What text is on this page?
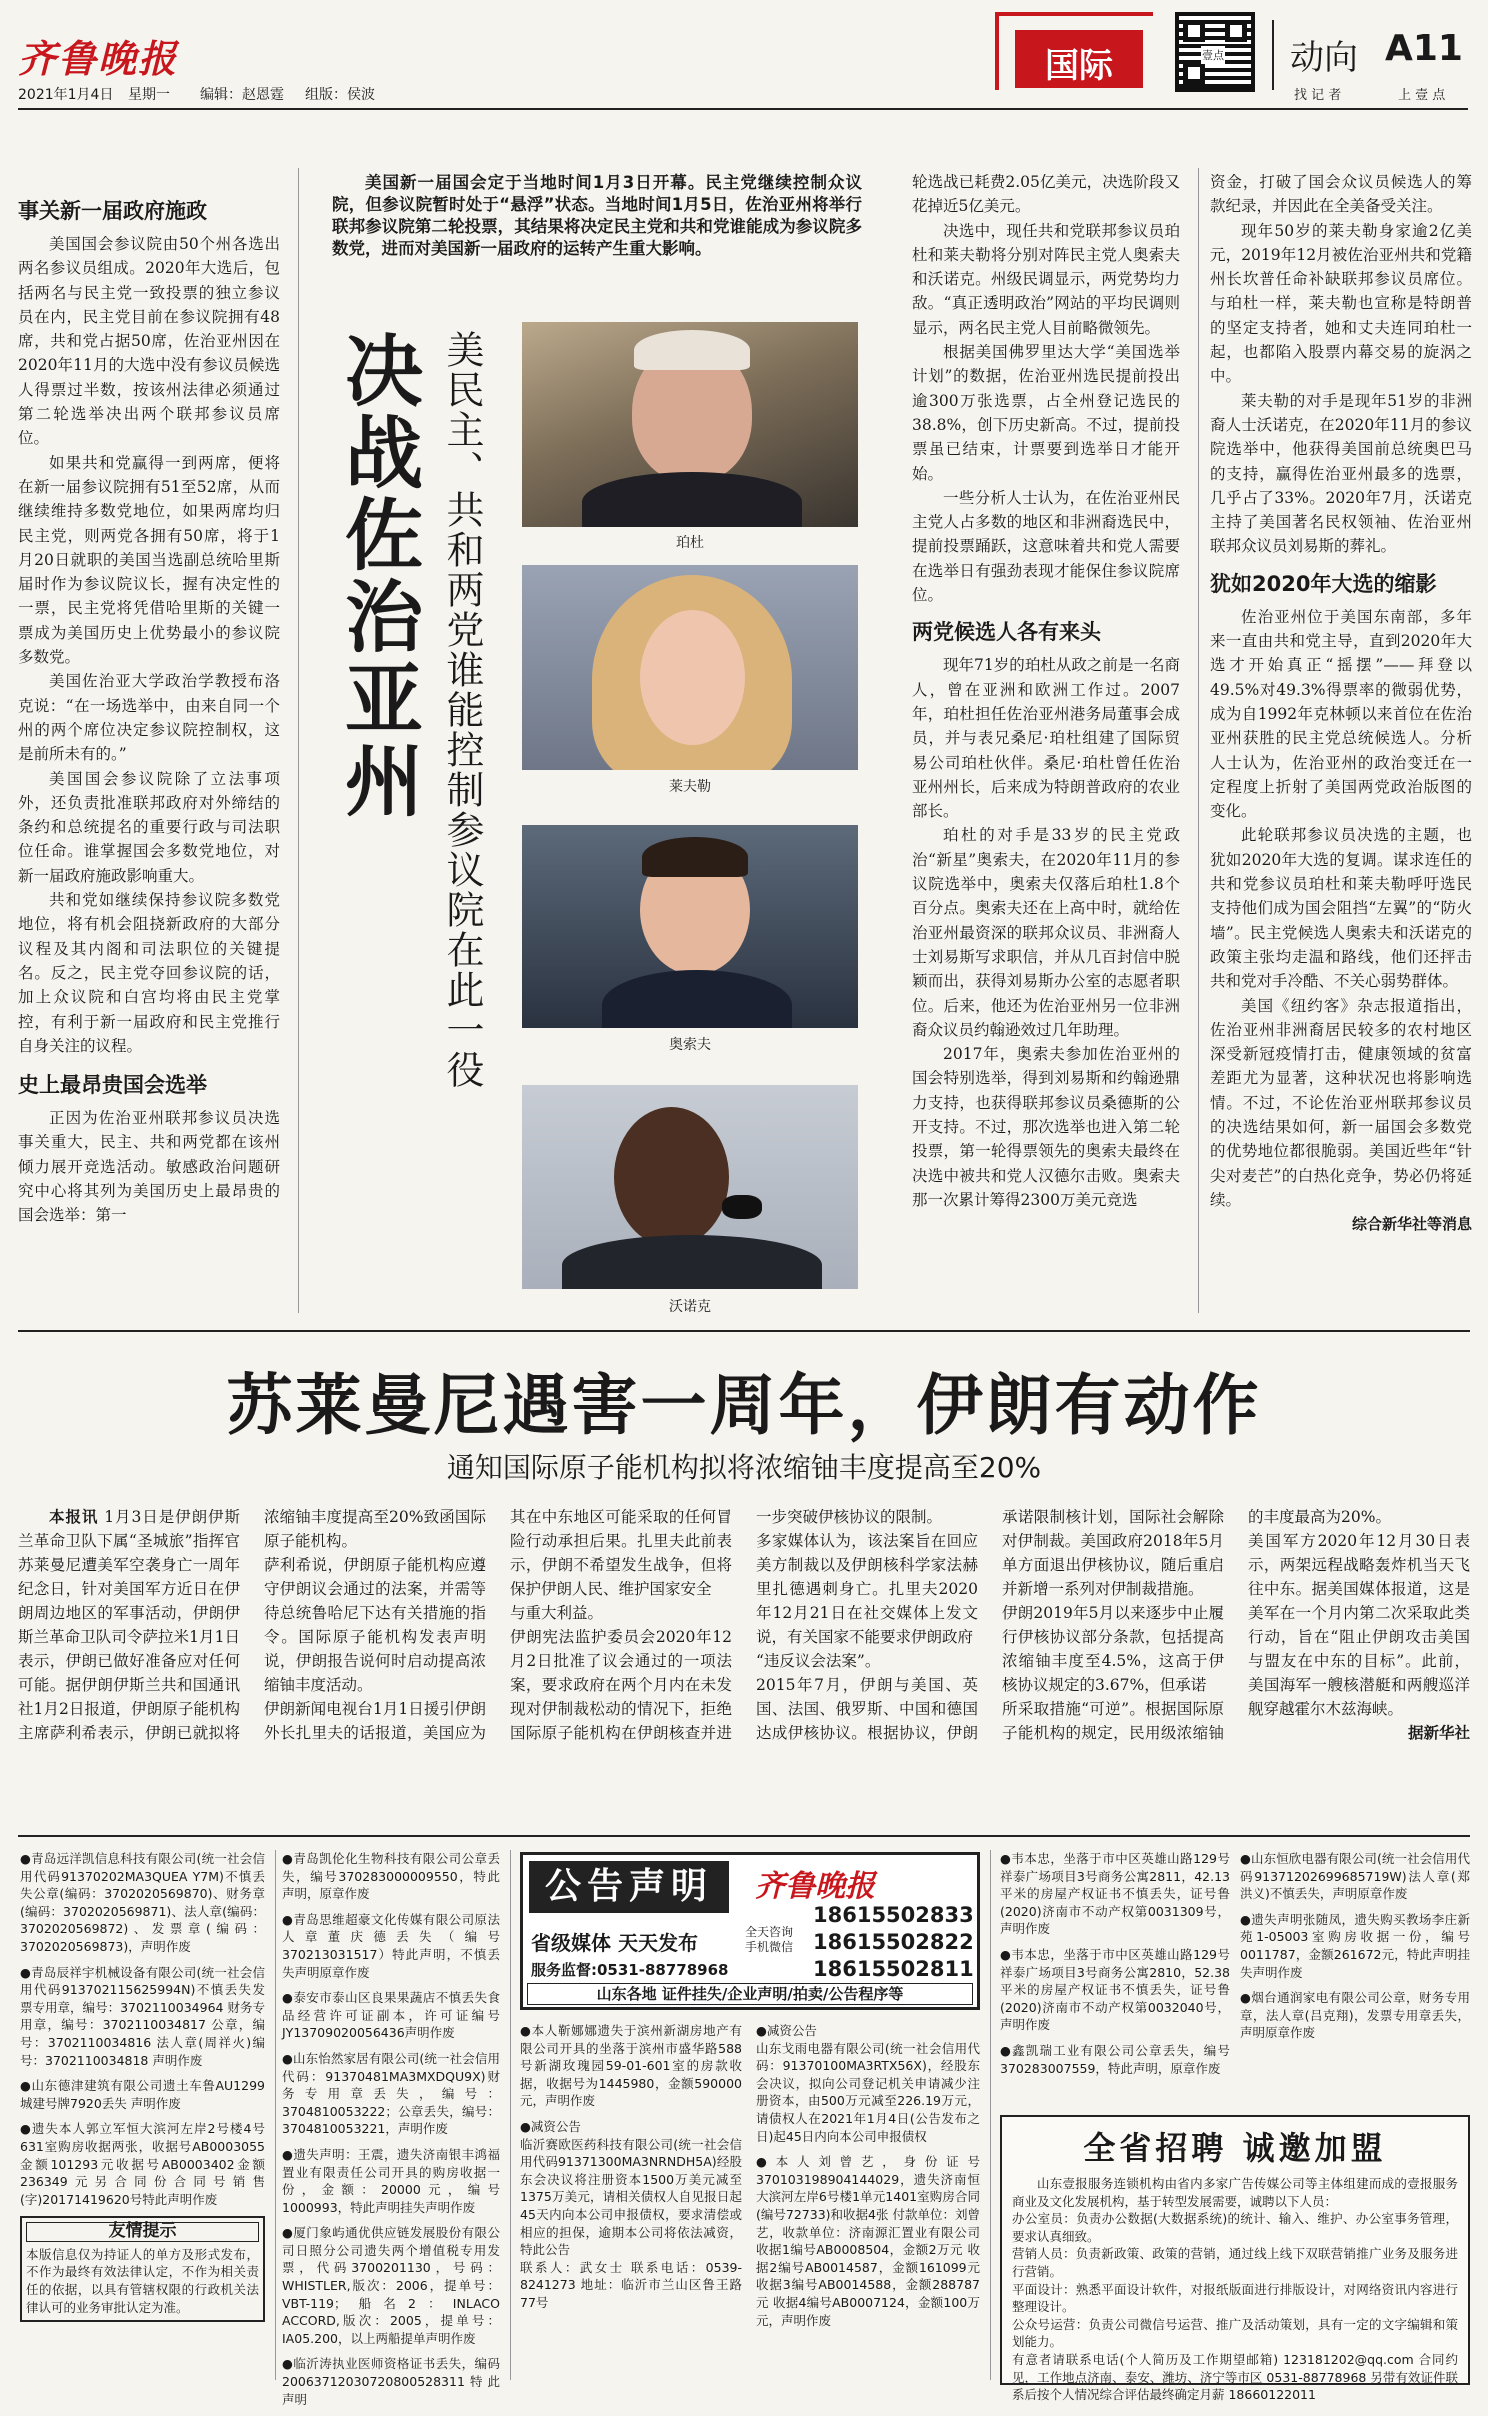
齐鲁晚报
2021年1月4日 星期一 编辑：赵恩霆 组版：侯波
国际	壹点 动向 A11
找 记 者	上 壹 点
美国新一届国会定于当地时间1月3日开幕。民主党继续控制众议院，但参议院暂时处于“悬浮”状态。当地时间1月5日，佐治亚州将举行联邦参议院第二轮投票，其结果将决定民主党和共和党谁能成为参议院多数党，进而对美国新一届政府的运转产生重大影响。
决战佐治亚州 美民主、共和两党谁能控制参议院在此一役	珀杜
莱夫勒
奥索夫
沃诺克
事关新一届政府施政

美国国会参议院由50个州各选出两名参议员组成。2020年大选后，包括两名与民主党一致投票的独立参议员在内，民主党目前在参议院拥有48席，共和党占据50席，佐治亚州因在2020年11月的大选中没有参议员候选人得票过半数，按该州法律必须通过第二轮选举决出两个联邦参议员席位。

如果共和党赢得一到两席，便将在新一届参议院拥有51至52席，从而继续维持多数党地位，如果两席均归民主党，则两党各拥有50席，将于1月20日就职的美国当选副总统哈里斯届时作为参议院议长，握有决定性的一票，民主党将凭借哈里斯的关键一票成为美国历史上优势最小的参议院多数党。

美国佐治亚大学政治学教授布洛克说：“在一场选举中，由来自同一个州的两个席位决定参议院控制权，这是前所未有的。”

美国国会参议院除了立法事项外，还负责批准联邦政府对外缔结的条约和总统提名的重要行政与司法职位任命。谁掌握国会多数党地位，对新一届政府施政影响重大。

共和党如继续保持参议院多数党地位，将有机会阻挠新政府的大部分议程及其内阁和司法职位的关键提名。反之，民主党夺回参议院的话，加上众议院和白宫均将由民主党掌控，有利于新一届政府和民主党推行自身关注的议程。

史上最昂贵国会选举

正因为佐治亚州联邦参议员决选事关重大，民主、共和两党都在该州倾力展开竞选活动。敏感政治问题研究中心将其列为美国历史上最昂贵的国会选举：第一

轮选战已耗费2.05亿美元，决选阶段又花掉近5亿美元。

决选中，现任共和党联邦参议员珀杜和莱夫勒将分别对阵民主党人奥索夫和沃诺克。州级民调显示，两党势均力敌。“真正透明政治”网站的平均民调则显示，两名民主党人目前略微领先。

根据美国佛罗里达大学“美国选举计划”的数据，佐治亚州选民提前投出逾300万张选票，占全州登记选民的38.8%，创下历史新高。不过，提前投票虽已结束，计票要到选举日才能开始。

一些分析人士认为，在佐治亚州民主党人占多数的地区和非洲裔选民中，提前投票踊跃，这意味着共和党人需要在选举日有强劲表现才能保住参议院席位。

两党候选人各有来头

现年71岁的珀杜从政之前是一名商人，曾在亚洲和欧洲工作过。2007年，珀杜担任佐治亚州港务局董事会成员，并与表兄桑尼·珀杜组建了国际贸易公司珀杜伙伴。桑尼·珀杜曾任佐治亚州州长，后来成为特朗普政府的农业部长。

珀杜的对手是33岁的民主党政治“新星”奥索夫，在2020年11月的参议院选举中，奥索夫仅落后珀杜1.8个百分点。奥索夫还在上高中时，就给佐治亚州最资深的联邦众议员、非洲裔人士刘易斯写求职信，并从几百封信中脱颖而出，获得刘易斯办公室的志愿者职位。后来，他还为佐治亚州另一位非洲裔众议员约翰逊效过几年助理。

2017年，奥索夫参加佐治亚州的国会特别选举，得到刘易斯和约翰逊鼎力支持，也获得联邦参议员桑德斯的公开支持。不过，那次选举也进入第二轮投票，第一轮得票领先的奥索夫最终在决选中被共和党人汉德尔击败。奥索夫那一次累计筹得2300万美元竞选

资金，打破了国会众议员候选人的筹款纪录，并因此在全美备受关注。

现年50岁的莱夫勒身家逾2亿美元，2019年12月被佐治亚州共和党籍州长坎普任命补缺联邦参议员席位。与珀杜一样，莱夫勒也宣称是特朗普的坚定支持者，她和丈夫连同珀杜一起，也都陷入股票内幕交易的旋涡之中。

莱夫勒的对手是现年51岁的非洲裔人士沃诺克，在2020年11月的参议院选举中，他获得美国前总统奥巴马的支持，赢得佐治亚州最多的选票，几乎占了33%。2020年7月，沃诺克主持了美国著名民权领袖、佐治亚州联邦众议员刘易斯的葬礼。

犹如2020年大选的缩影

佐治亚州位于美国东南部，多年来一直由共和党主导，直到2020年大选才开始真正“摇摆”——拜登以49.5%对49.3%得票率的微弱优势，成为自1992年克林顿以来首位在佐治亚州获胜的民主党总统候选人。分析人士认为，佐治亚州的政治变迁在一定程度上折射了美国两党政治版图的变化。

此轮联邦参议员决选的主题，也犹如2020年大选的复调。谋求连任的共和党参议员珀杜和莱夫勒呼吁选民支持他们成为国会阻挡“左翼”的“防火墙”。民主党候选人奥索夫和沃诺克的政策主张均走温和路线，他们还抨击共和党对手冷酷、不关心弱势群体。

美国《纽约客》杂志报道指出，佐治亚州非洲裔居民较多的农村地区深受新冠疫情打击，健康领域的贫富差距尤为显著，这种状况也将影响选情。不过，不论佐治亚州联邦参议员的决选结果如何，新一届国会多数党的优势地位都很脆弱。美国近些年“针尖对麦芒”的白热化竞争，势必仍将延续。

综合新华社等消息
苏莱曼尼遇害一周年，伊朗有动作
通知国际原子能机构拟将浓缩铀丰度提高至20%

本报讯 1月3日是伊朗伊斯兰革命卫队下属“圣城旅”指挥官苏莱曼尼遭美军空袭身亡一周年纪念日，针对美国军方近日在伊朗周边地区的军事活动，伊朗伊斯兰革命卫队司令萨拉米1月1日表示，伊朗已做好准备应对任何可能。据伊朗伊斯兰共和国通讯社1月2日报道，伊朗原子能机构主席萨利希表示，伊朗已就拟将浓缩铀丰度提高至20%致函国际原子能机构。

萨利希说，伊朗原子能机构应遵守伊朗议会通过的法案，并需等待总统鲁哈尼下达有关措施的指令。国际原子能机构发表声明说，伊朗报告说何时启动提高浓缩铀丰度活动。
伊朗新闻电视台1月1日援引伊朗外长扎里夫的话报道，美国应为其在中东地区可能采取的任何冒险行动承担后果。扎里夫此前表示，伊朗不希望发生战争，但将保护伊朗人民、维护国家安全

与重大利益。
伊朗宪法监护委员会2020年12月2日批准了议会通过的一项法案，要求政府在两个月内在未发现对伊制裁松动的情况下，拒绝国际原子能机构在伊朗核查并进一步突破伊核协议的限制。
多家媒体认为，该法案旨在回应美方制裁以及伊朗核科学家法赫里扎德遇刺身亡。扎里夫2020年12月21日在社交媒体上发文说，有关国家不能要求伊朗政府

“违反议会法案”。
2015年7月，伊朗与美国、英国、法国、俄罗斯、中国和德国达成伊核协议。根据协议，伊朗承诺限制核计划，国际社会解除对伊制裁。美国政府2018年5月单方面退出伊核协议，随后重启并新增一系列对伊制裁措施。
伊朗2019年5月以来逐步中止履行伊核协议部分条款，包括提高浓缩铀丰度至4.5%，这高于伊核协议规定的3.67%，但承诺

所采取措施“可逆”。根据国际原子能机构的规定，民用级浓缩铀的丰度最高为20%。
美国军方2020年12月30日表示，两架远程战略轰炸机当天飞往中东。据美国媒体报道，这是美军在一个月内第二次采取此类行动，旨在“阻止伊朗攻击美国与盟友在中东的目标”。此前，美国海军一艘核潜艇和两艘巡洋舰穿越霍尔木兹海峡。

据新华社
●青岛远洋凯信息科技有限公司(统一社会信用代码91370202MA3QUEA Y7M)不慎丢失公章(编码：3702020569870)、财务章(编码：3702020569871)、法人章(编码：3702020569872)、发票章(编码：3702020569873)，声明作废
●青岛辰祥宇机械设备有限公司(统一社会信用代码913702115625994N)不慎丢失发票专用章，编号：3702110034964 财务专用章，编号：3702110034817 公章，编号：3702110034816 法人章(周祥火)编号：3702110034818 声明作废
●山东德津建筑有限公司遗土车鲁AU1299城建号牌7920丢失 声明作废
●遗失本人郭立军恒大滨河左岸2号楼4号631室购房收据两张，收据号AB0003055金额101293元收据号AB0003402金额236349元另合同份合同号销售(字)20171419620号特此声明作废
友情提示
本版信息仅为持证人的单方及形式发布，不作为最终有效法律认定，不作为相关责任的依据，以具有管辖权限的行政机关法律认可的业务审批认定为准。
●青岛凯伦化生物科技有限公司公章丢失，编号370283000009550，特此声明，原章作废
●青岛思维超豪文化传媒有限公司原法人章董庆德丢失（编号370213031517）特此声明，不慎丢失声明原章作废
●泰安市泰山区良果果蔬店不慎丢失食品经营许可证副本，许可证编号JY13709020056436声明作废
●山东怡然家居有限公司(统一社会信用代码：91370481MA3MXDQU9X)财务专用章丢失，编号：3704810053222；公章丢失，编号：3704810053221，声明作废
●遗失声明：王震，遗失济南银丰鸿福置业有限责任公司开具的购房收据一份，金额：20000元，编号1000993，特此声明挂失声明作废
●厦门象屿通优供应链发展股份有限公司日照分公司遗失两个增值税专用发票，代码3700201130，号码：WHISTLER,版次：2006，提单号：VBT-119；船名2：INLACO ACCORD,版次：2005，提单号：IA05.200，以上两船提单声明作废
●临沂涛执业医师资格证书丢失，编码20063712030720800528311特此声明
公告声明	齐鲁晚报
18615502833
18615502822
18615502811
省级媒体 天天发布	全天咨询 手机微信
服务监督:0531-88778968
山东各地 证件挂失/企业声明/拍卖/公告程序等
●本人靳娜娜遗失于滨州新湖房地产有限公司开具的坐落于滨州市盛华路588号新湖玫瑰园59-01-601室的房款收据，收据号为1445980，金额590000元，声明作废
●减资公告
临沂赛欧医药科技有限公司(统一社会信用代码91371300MA3NRNDH5A)经股东会决议将注册资本1500万美元减至1375万美元，请相关债权人自见报日起45天内向本公司申报债权，要求清偿或相应的担保，逾期本公司将依法减资，特此公告
联系人：武女士 联系电话：0539-8241273 地址：临沂市兰山区鲁王路77号
●减资公告
山东戈雨电器有限公司(统一社会信用代码：91370100MA3RTX56X)，经股东会决议，拟向公司登记机关申请减少注册资本，由500万元减至226.19万元，请债权人在2021年1月4日(公告发布之日)起45日内向本公司申报债权
●本人刘曾艺，身份证号370103198904144029，遗失济南恒大滨河左岸6号楼1单元1401室购房合同(编号72733)和收据4张 付款单位：刘曾艺，收款单位：济南源汇置业有限公司 收据1编号AB0008504，金额2万元 收据2编号AB0014587，金额161099元 收据3编号AB0014588，金额288787元 收据4编号AB0007124，金额100万元，声明作废
●韦本忠，坐落于市中区英雄山路129号祥泰广场项目3号商务公寓2811，42.13平米的房屋产权证书不慎丢失，证号鲁(2020)济南市不动产权第0031309号，声明作废
●韦本忠，坐落于市中区英雄山路129号祥泰广场项目3号商务公寓2810，52.38平米的房屋产权证书不慎丢失，证号鲁(2020)济南市不动产权第0032040号，声明作废
●鑫凯瑞工业有限公司公章丢失，编号370283007559，特此声明，原章作废
●山东恒欣电器有限公司(统一社会信用代码91371202699685719W)法人章(郑洪义)不慎丢失，声明原章作废
●遗失声明张随凤，遗失购买教场李庄新苑1-05003室购房收据一份，编号0011787，金额261672元，特此声明挂失声明作废
●烟台通润家电有限公司公章，财务专用章，法人章(吕克翔)，发票专用章丢失，声明原章作废
全省招聘 诚邀加盟
山东壹报服务连锁机构由省内多家广告传媒公司等主体组建而成的壹报服务商业及文化发展机构，基于转型发展需要，诚聘以下人员：
办公室员：负责办公数据(大数据系统)的统计、输入、维护、办公室事务管理，要求认真细致。
营销人员：负责新政策、政策的营销，通过线上线下双联营销推广业务及服务进行营销。
平面设计：熟悉平面设计软件，对报纸版面进行排版设计，对网络资讯内容进行整理设计。
公众号运营：负责公司微信号运营、推广及活动策划，具有一定的文字编辑和策划能力。
有意者请联系电话(个人简历及工作期望邮箱) 123181202@qq.com 合同约见，工作地点济南、泰安、潍坊、济宁等市区 0531-88778968 另带有效证件联系后按个人情况综合评估最终确定月薪 18660122011
